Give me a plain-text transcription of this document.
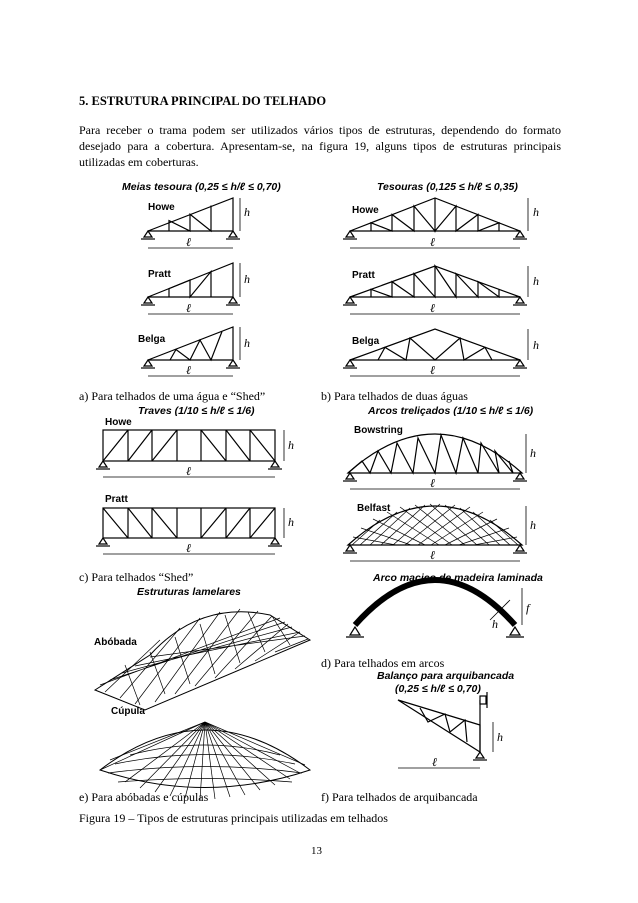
5. ESTRUTURA PRINCIPAL DO TELHADO
Para receber o trama podem ser utilizados vários tipos de estruturas, dependendo do formato desejado para a cobertura. Apresentam-se, na figura 19, alguns tipos de estruturas principais utilizadas em coberturas.
h
ℓ
h
ℓ
h
ℓ
h
ℓ
h
ℓ
h
ℓ
h
ℓ
h
ℓ
h
ℓ
h
ℓ
f
h
h
ℓ
Meias tesoura (0,25 ≤ h/ℓ ≤ 0,70)	Tesouras (0,125 ≤ h/ℓ ≤ 0,35)
Traves (1/10 ≤ h/ℓ ≤ 1/6)	Arcos treliçados (1/10 ≤ h/ℓ ≤ 1/6)
Arco maciço de madeira laminada
Estruturas lamelares
Balanço para arquibancada
(0,25 ≤ h/ℓ ≤ 0,70)
Howe
Pratt
Belga
Howe
Pratt
Belga
Howe
Pratt
Bowstring
Belfast
Abóbada
Cúpula
a) Para telhados de uma água e “Shed”	b) Para telhados de duas águas
c) Para telhados “Shed”
d) Para telhados em arcos
e) Para abóbadas e cúpulas	f) Para telhados de arquibancada
Figura 19 – Tipos de estruturas principais utilizadas em telhados
13
